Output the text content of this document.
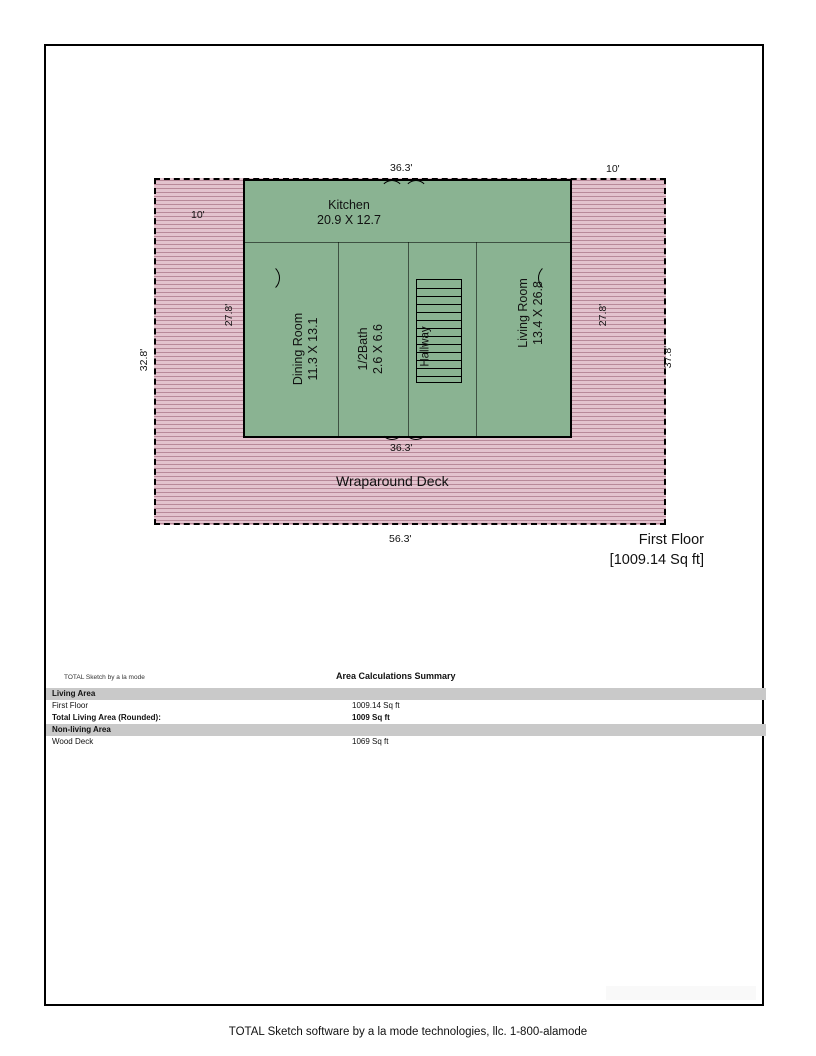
Kitchen
20.9 X 12.7
Dining Room 11.3 X 13.1	1/2Bath 2.6 X 6.6	Hallway	Living Room 13.4 X 26.8
36.3'	10'
10'
32.8'
27.8'
37.8'
27.8'
36.3'
56.3'
Wraparound Deck
First Floor
[1009.14 Sq ft]
TOTAL Sketch by a la mode	Area Calculations Summary
Living Area
First Floor	1009.14 Sq ft
Total Living Area (Rounded):	1009 Sq ft
Non-living Area
Wood Deck	1069 Sq ft
TOTAL Sketch software by a la mode technologies, llc. 1-800-alamode
